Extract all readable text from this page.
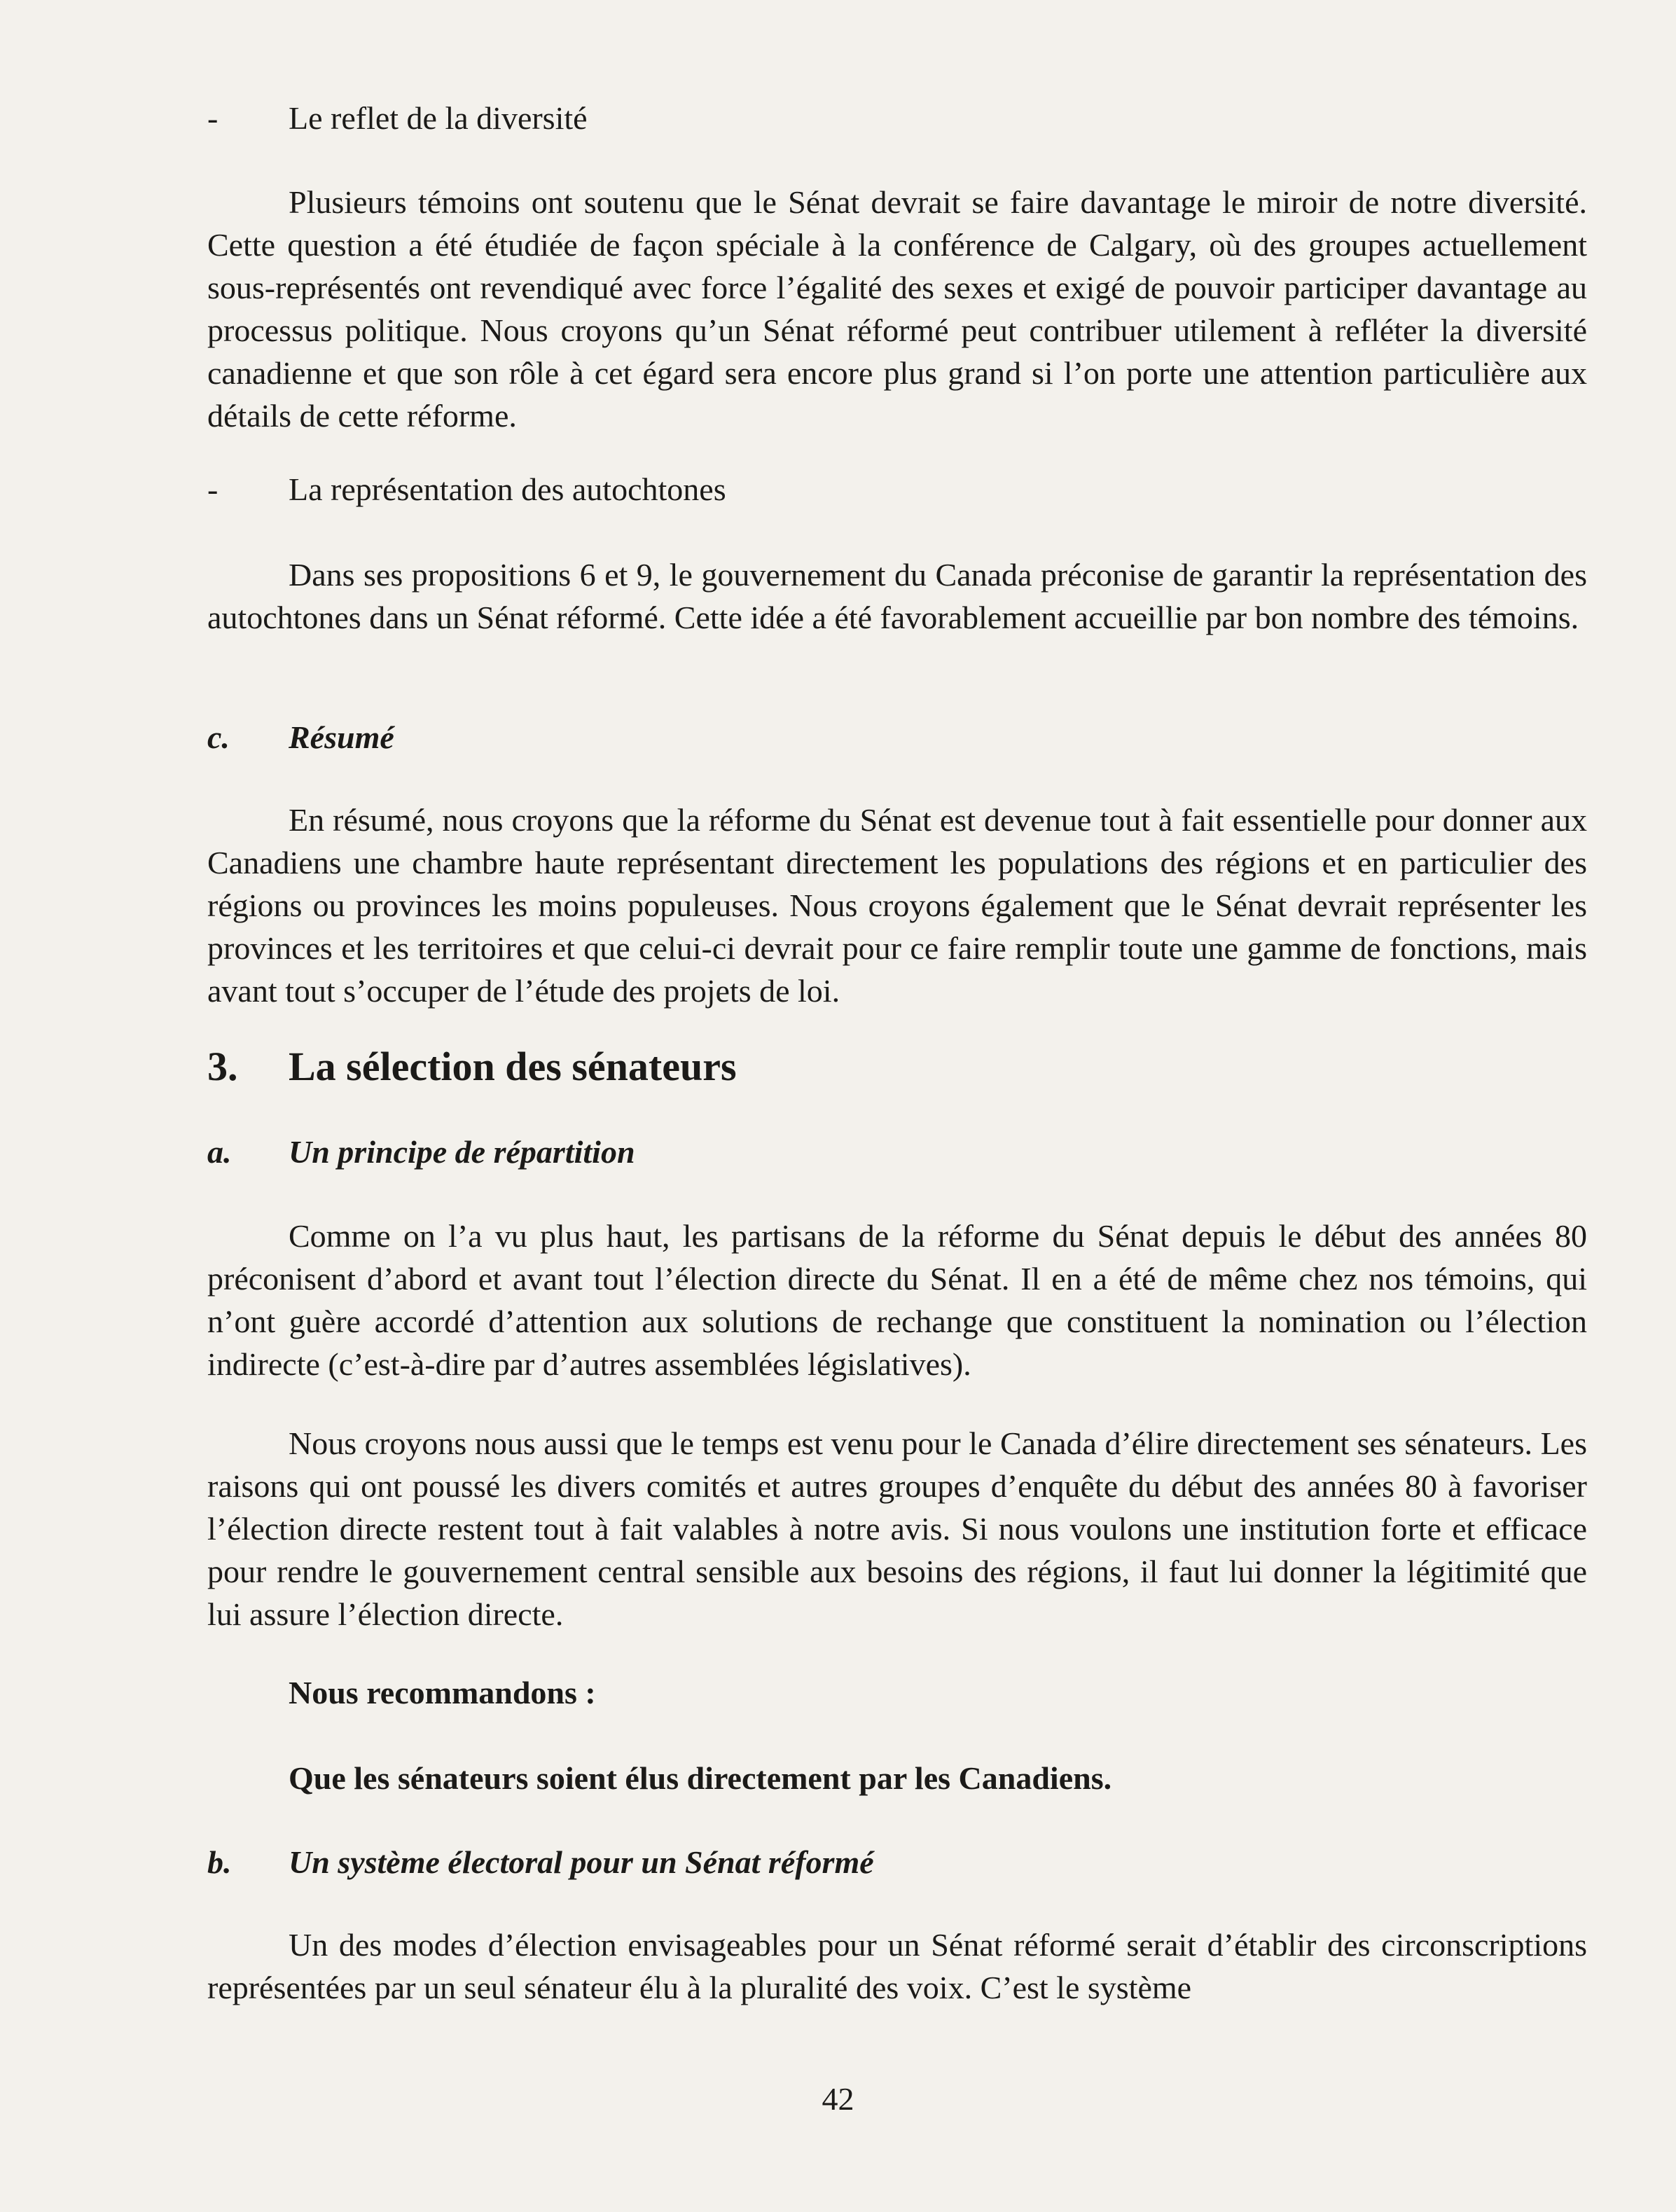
- Le reflet de la diversité

Plusieurs témoins ont soutenu que le Sénat devrait se faire davantage le miroir de notre diversité. Cette question a été étudiée de façon spéciale à la conférence de Calgary, où des groupes actuellement sous-représentés ont revendiqué avec force l’égalité des sexes et exigé de pouvoir participer davantage au processus politique. Nous croyons qu’un Sénat réformé peut contribuer utilement à refléter la diversité canadienne et que son rôle à cet égard sera encore plus grand si l’on porte une attention particulière aux détails de cette réforme.

- La représentation des autochtones

Dans ses propositions 6 et 9, le gouvernement du Canada préconise de garantir la représentation des autochtones dans un Sénat réformé. Cette idée a été favorablement accueillie par bon nombre des témoins.

c. Résumé

En résumé, nous croyons que la réforme du Sénat est devenue tout à fait essentielle pour donner aux Canadiens une chambre haute représentant directement les populations des régions et en particulier des régions ou provinces les moins populeuses. Nous croyons également que le Sénat devrait représenter les provinces et les territoires et que celui-ci devrait pour ce faire remplir toute une gamme de fonctions, mais avant tout s’occuper de l’étude des projets de loi.

3. La sélection des sénateurs

a. Un principe de répartition

Comme on l’a vu plus haut, les partisans de la réforme du Sénat depuis le début des années 80 préconisent d’abord et avant tout l’élection directe du Sénat. Il en a été de même chez nos témoins, qui n’ont guère accordé d’attention aux solutions de rechange que constituent la nomination ou l’élection indirecte (c’est-à-dire par d’autres assemblées législatives).

Nous croyons nous aussi que le temps est venu pour le Canada d’élire directement ses sénateurs. Les raisons qui ont poussé les divers comités et autres groupes d’enquête du début des années 80 à favoriser l’élection directe restent tout à fait valables à notre avis. Si nous voulons une institution forte et efficace pour rendre le gouvernement central sensible aux besoins des régions, il faut lui donner la légitimité que lui assure l’élection directe.

Nous recommandons :

Que les sénateurs soient élus directement par les Canadiens.

b. Un système électoral pour un Sénat réformé

Un des modes d’élection envisageables pour un Sénat réformé serait d’établir des circonscriptions représentées par un seul sénateur élu à la pluralité des voix. C’est le système

42
